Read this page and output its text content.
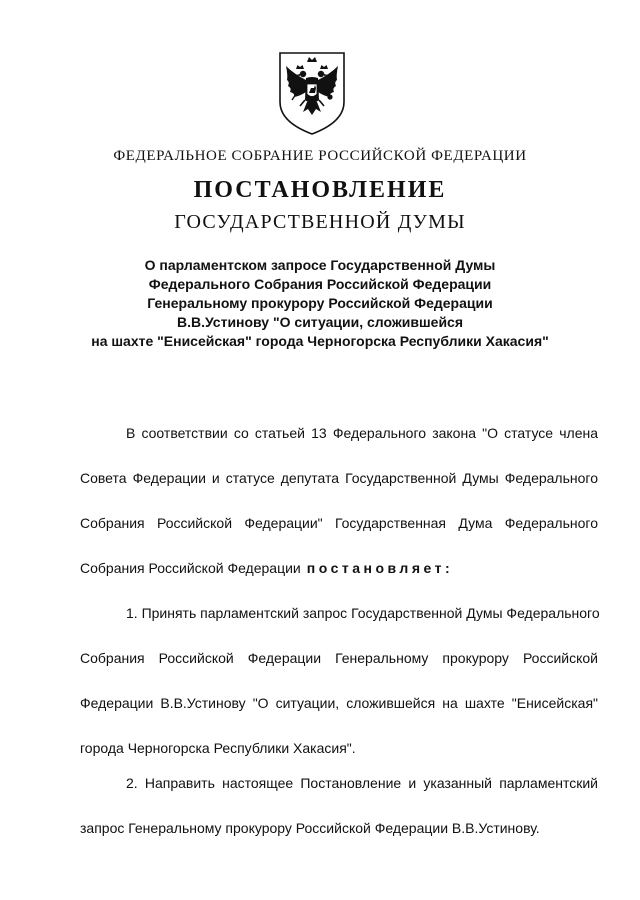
ФЕДЕРАЛЬНОЕ СОБРАНИЕ РОССИЙСКОЙ ФЕДЕРАЦИИ
ПОСТАНОВЛЕНИЕ
ГОСУДАРСТВЕННОЙ ДУМЫ
О парламентском запросе Государственной Думы
Федерального Собрания Российской Федерации
Генеральному прокурору Российской Федерации
В.В.Устинову "О ситуации, сложившейся
на шахте "Енисейская" города Черногорска Республики Хакасия"
В соответствии со статьей 13 Федерального закона "О статусе члена
Совета Федерации и статусе депутата Государственной Думы Федерального
Собрания Российской Федерации" Государственная Дума Федерального
Собрания Российской Федерации постановляет:
1. Принять парламентский запрос Государственной Думы Федерального
Собрания Российской Федерации Генеральному прокурору Российской
Федерации В.В.Устинову "О ситуации, сложившейся на шахте "Енисейская"
города Черногорска Республики Хакасия".
2. Направить настоящее Постановление и указанный парламентский
запрос Генеральному прокурору Российской Федерации В.В.Устинову.
